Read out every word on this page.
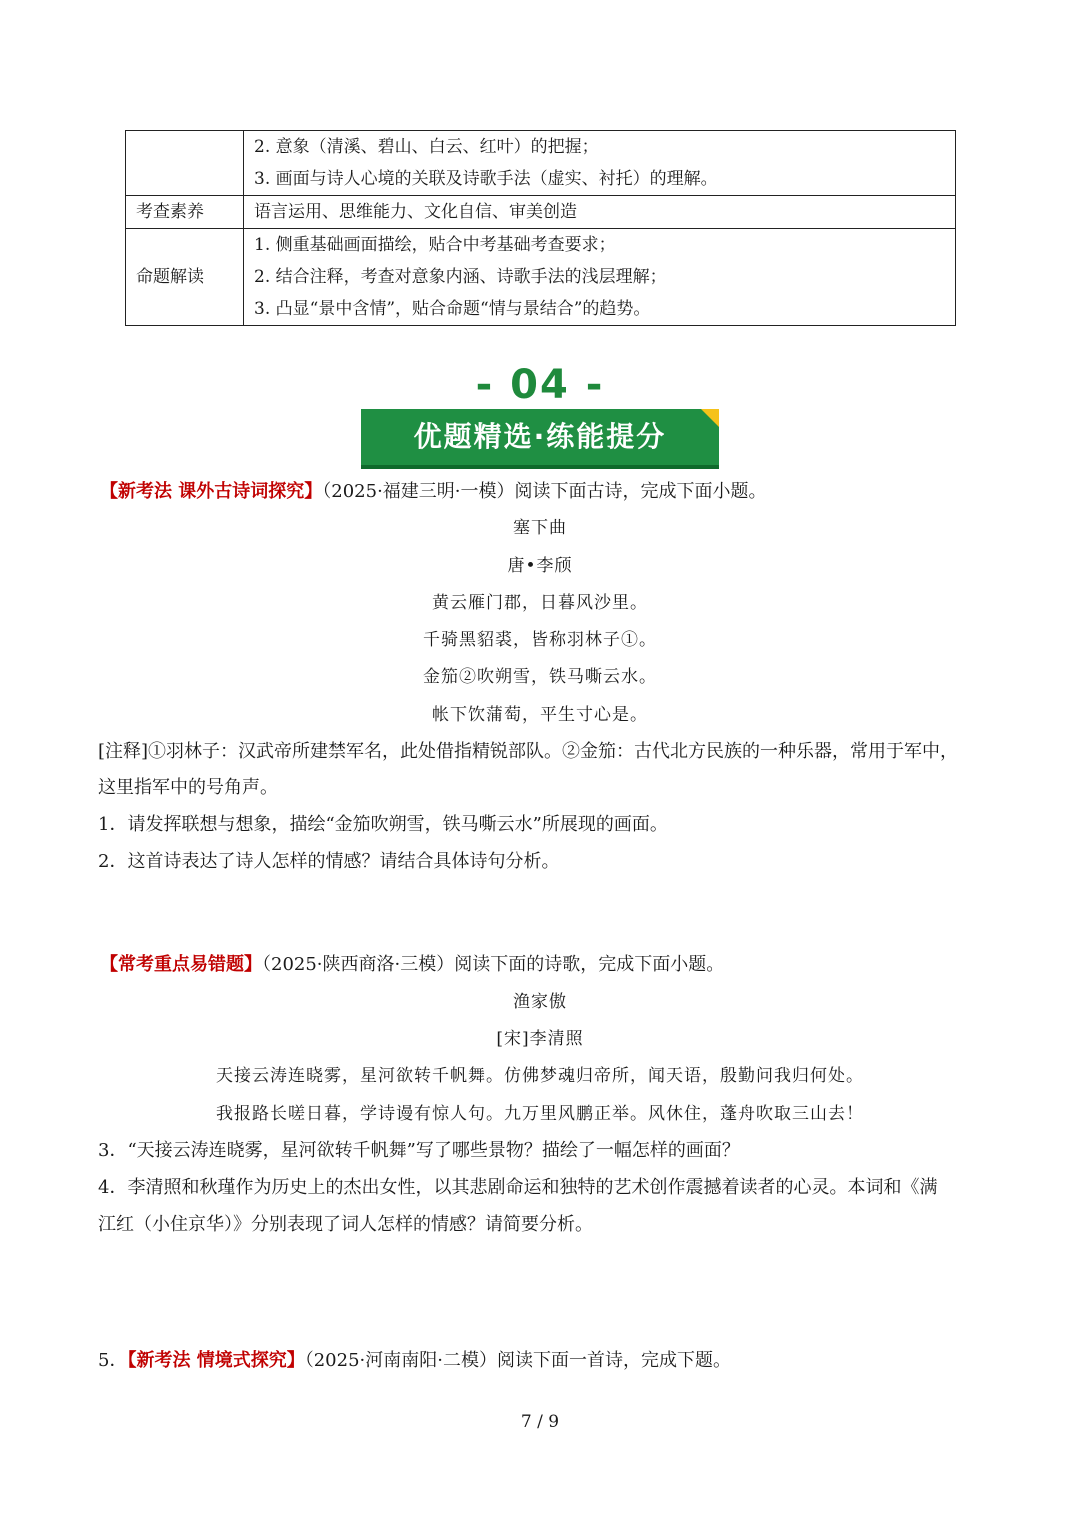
	2. 意象（清溪、碧山、白云、红叶）的把握；
3. 画面与诗人心境的关联及诗歌手法（虚实、衬托）的理解。

考查素养	语言运用、思维能力、文化自信、审美创造

命题解读	1. 侧重基础画面描绘，贴合中考基础考查要求；
2. 结合注释，考查对意象内涵、诗歌手法的浅层理解；
3. 凸显“景中含情”，贴合命题“情与景结合”的趋势。
- 04 -
优题精选·练能提分
【新考法 课外古诗词探究】（2025·福建三明·一模）阅读下面古诗，完成下面小题。
塞下曲
唐•李颀
黄云雁门郡，日暮风沙里。
千骑黑貂裘，皆称羽林子①。
金笳②吹朔雪，铁马嘶云水。
帐下饮蒲萄，平生寸心是。
[注释]①羽林子：汉武帝所建禁军名，此处借指精锐部队。②金笳：古代北方民族的一种乐器，常用于军中，
这里指军中的号角声。
1．请发挥联想与想象，描绘“金笳吹朔雪，铁马嘶云水”所展现的画面。
2．这首诗表达了诗人怎样的情感？请结合具体诗句分析。
【常考重点易错题】（2025·陕西商洛·三模）阅读下面的诗歌，完成下面小题。
渔家傲
[宋]李清照
天接云涛连晓雾，星河欲转千帆舞。仿佛梦魂归帝所，闻天语，殷勤问我归何处。
我报路长嗟日暮，学诗谩有惊人句。九万里风鹏正举。风休住，蓬舟吹取三山去！
3．“天接云涛连晓雾，星河欲转千帆舞”写了哪些景物？描绘了一幅怎样的画面？
4．李清照和秋瑾作为历史上的杰出女性，以其悲剧命运和独特的艺术创作震撼着读者的心灵。本词和《满
江红（小住京华）》分别表现了词人怎样的情感？请简要分析。
5．【新考法 情境式探究】（2025·河南南阳·二模）阅读下面一首诗，完成下题。
7 / 9
